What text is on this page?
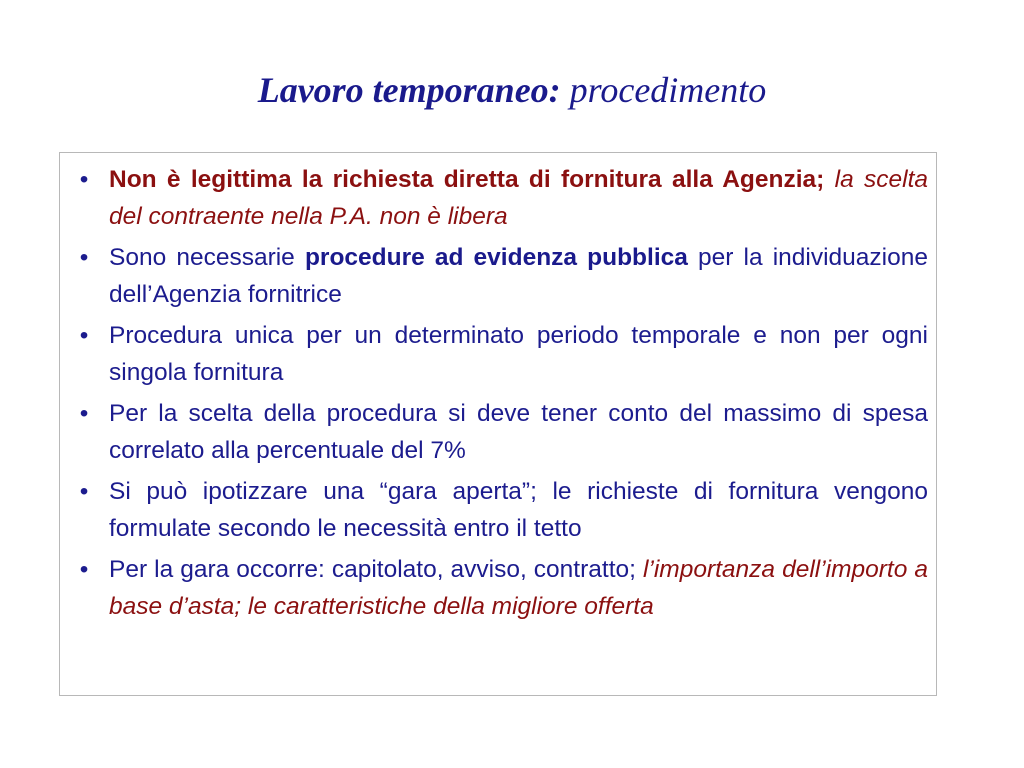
Lavoro temporaneo: procedimento
• Non è legittima la richiesta diretta di fornitura alla Agenzia; la scelta del contraente nella P.A. non è libera
• Sono necessarie procedure ad evidenza pubblica per la individuazione dell’Agenzia fornitrice
• Procedura unica per un determinato periodo temporale e non per ogni singola fornitura
• Per la scelta della procedura si deve tener conto del massimo di spesa correlato alla percentuale del 7%
• Si può ipotizzare una “gara aperta”; le richieste di fornitura vengono formulate secondo le necessità entro il tetto
• Per la gara occorre: capitolato, avviso, contratto; l’importanza dell’importo a base d’asta; le caratteristiche della migliore offerta
